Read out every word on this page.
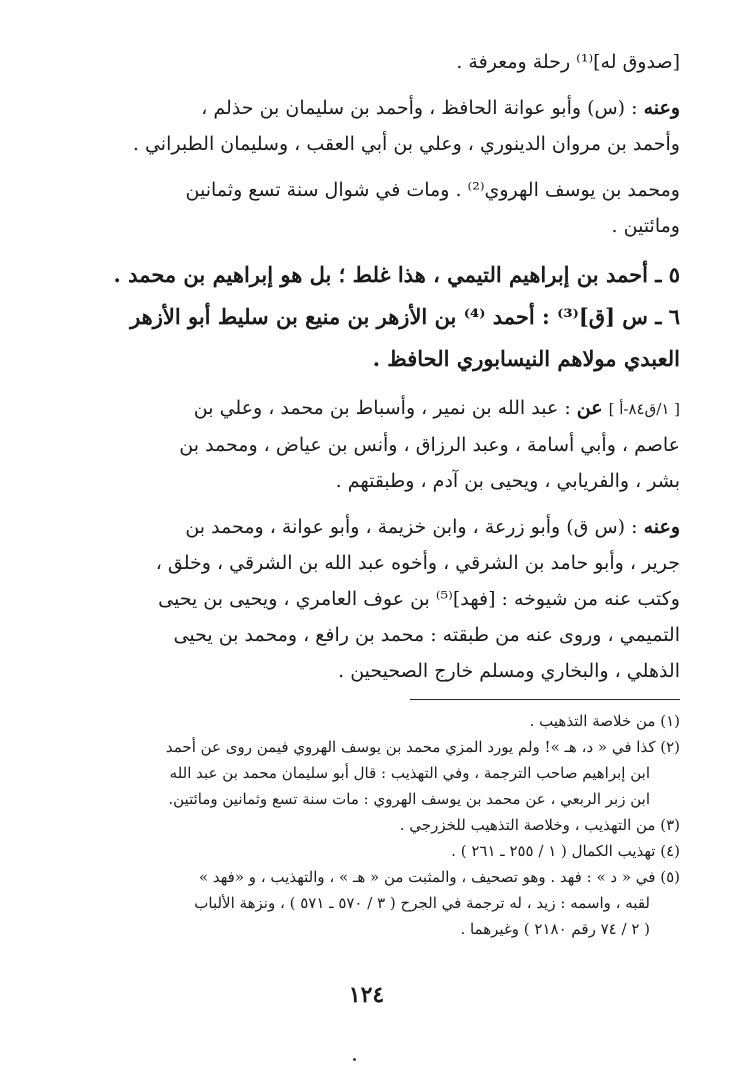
[صدوق له]⁽¹⁾ رحلة ومعرفة .
وعنه : (س) وأبو عوانة الحافظ ، وأحمد بن سليمان بن حذلم ،
وأحمد بن مروان الدينوري ، وعلي بن أبي العقب ، وسليمان الطبراني .
ومحمد بن يوسف الهروي⁽²⁾ . ومات في شوال سنة تسع وثمانين
ومائتين .
٥ ـ أحمد بن إبراهيم التيمي ، هذا غلط ؛ بل هو إبراهيم بن محمد .
٦ ـ س [ق]⁽³⁾ : أحمد ⁽⁴⁾ بن الأزهر بن منيع بن سليط أبو الأزهر
العبدي مولاهم النيسابوري الحافظ .
[ ١/ق٨٤-أ ] عن : عبد الله بن نمير ، وأسباط بن محمد ، وعلي بن
عاصم ، وأبي أسامة ، وعبد الرزاق ، وأنس بن عياض ، ومحمد بن
بشر ، والفريابي ، ويحيى بن آدم ، وطبقتهم .
وعنه : (س ق) وأبو زرعة ، وابن خزيمة ، وأبو عوانة ، ومحمد بن
جرير ، وأبو حامد بن الشرقي ، وأخوه عبد الله بن الشرقي ، وخلق ،
وكتب عنه من شيوخه : [فهد]⁽⁵⁾ بن عوف العامري ، ويحيى بن يحيى
التميمي ، وروى عنه من طبقته : محمد بن رافع ، ومحمد بن يحيى
الذهلي ، والبخاري ومسلم خارج الصحيحين .
(١) من خلاصة التذهيب .
(٢) كذا في « د، هـ »! ولم يورد المزي محمد بن يوسف الهروي فيمن روى عن أحمد
ابن إبراهيم صاحب الترجمة ، وفي التهذيب : قال أبو سليمان محمد بن عبد الله
ابن زبر الربعي ، عن محمد بن يوسف الهروي : مات سنة تسع وثمانين ومائتين.
(٣) من التهذيب ، وخلاصة التذهيب للخزرجي .
(٤) تهذيب الكمال ( ١ / ٢٥٥ ـ ٢٦١ ) .
(٥) في « د » : فهد . وهو تصحيف ، والمثبت من « هـ » ، والتهذيب ، و «فهد »
لقبه ، واسمه : زيد ، له ترجمة في الجرح ( ٣ / ٥٧٠ ـ ٥٧١ ) ، ونزهة الألباب
( ٢ / ٧٤ رقم ٢١٨٠ ) وغيرهما .
١٢٤
